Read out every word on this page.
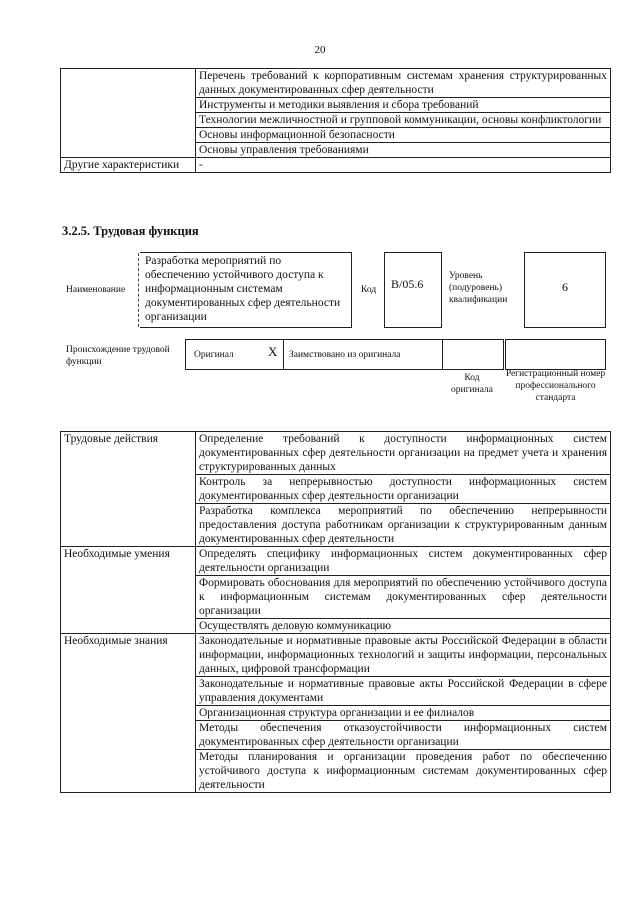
20
	Перечень требований к корпоративным системам хранения структурированных данных документированных сфер деятельности
	Инструменты и методики выявления и сбора требований
	Технологии межличностной и групповой коммуникации, основы конфликтологии
	Основы информационной безопасности
	Основы управления требованиями
Другие характеристики	-
3.2.5. Трудовая функция
Наименование
Разработка мероприятий по обеспечению устойчивого доступа к информационным системам документированных сфер деятельности организации
Код	B/05.6
Уровень (подуровень) квалификации
6
Происхождение трудовой функции
Оригинал	X Заимствовано из оригинала
Код оригинала
Регистрационный номер профессионального стандарта
Трудовые действия	Определение требований к доступности информационных систем документированных сфер деятельности организации на предмет учета и хранения структурированных данных
	Контроль за непрерывностью доступности информационных систем документированных сфер деятельности организации
	Разработка комплекса мероприятий по обеспечению непрерывности предоставления доступа работникам организации к структурированным данным документированных сфер деятельности
Необходимые умения	Определять специфику информационных систем документированных сфер деятельности организации
	Формировать обоснования для мероприятий по обеспечению устойчивого доступа к информационным системам документированных сфер деятельности организации
	Осуществлять деловую коммуникацию
Необходимые знания	Законодательные и нормативные правовые акты Российской Федерации в области информации, информационных технологий и защиты информации, персональных данных, цифровой трансформации
	Законодательные и нормативные правовые акты Российской Федерации в сфере управления документами
	Организационная структура организации и ее филиалов
	Методы обеспечения отказоустойчивости информационных систем документированных сфер деятельности организации
	Методы планирования и организации проведения работ по обеспечению устойчивого доступа к информационным системам документированных сфер деятельности
